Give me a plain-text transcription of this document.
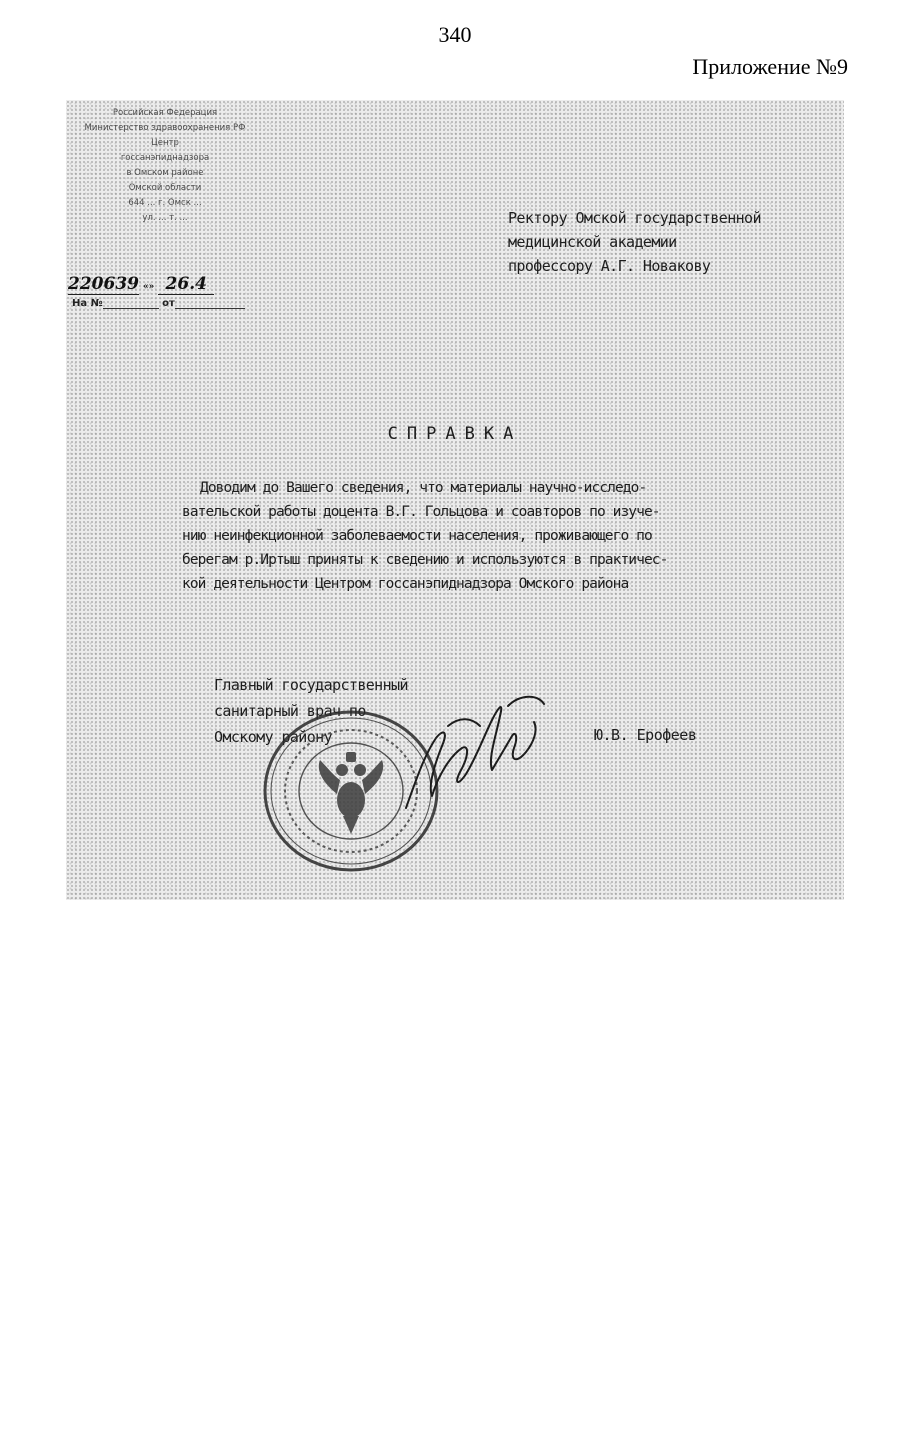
340
Приложение №9
Российская Федерация
Министерство здравоохранения РФ
Центр
госсанэпиднадзора
в Омском районе
Омской области
644 ... г. Омск ...
ул. ... т. ...
220639 «» 26.4
На №	от
Ректору Омской государственной
медицинской академии
профессору А.Г. Новакову
СПРАВКА
Доводим до Вашего сведения, что материалы научно-исследо-
вательской работы доцента В.Г. Гольцова и соавторов по изуче-
нию неинфекционной заболеваемости населения, проживающего по
берегам р.Иртыш приняты к сведению и используются в практичес-
кой деятельности Центром госсанэпиднадзора Омского района
Главный государственный
санитарный врач по
Омскому району	Ю.В. Ерофеев
